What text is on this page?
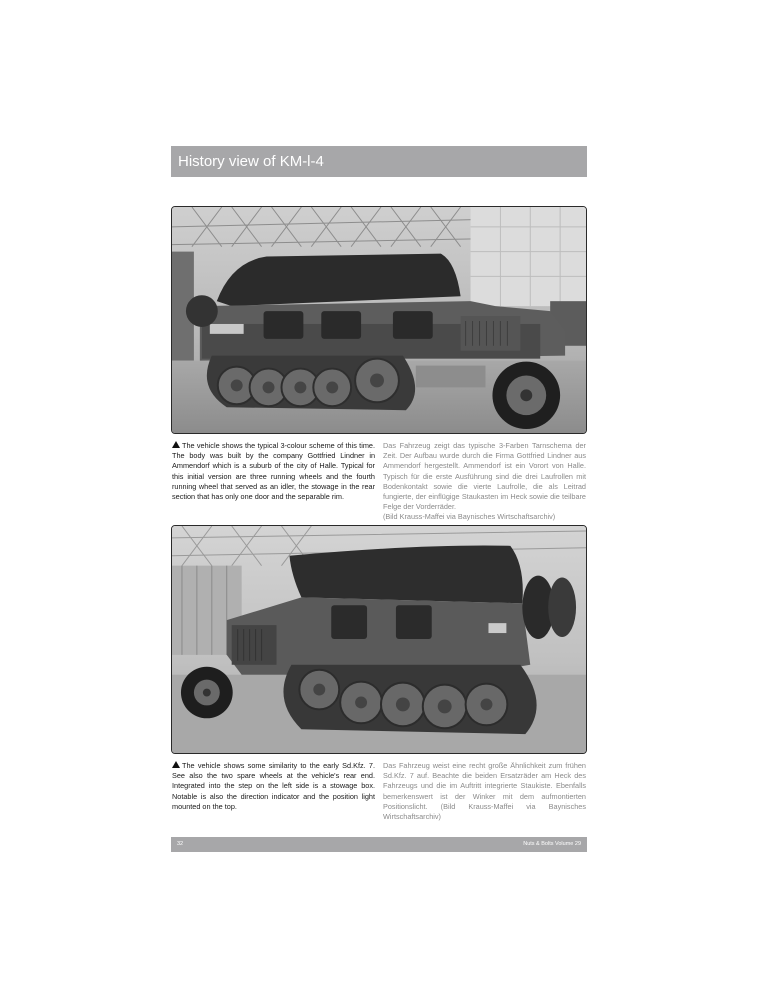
History view of KM-l-4

The vehicle shows the typical 3-colour scheme of this time. The body was built by the company Gottfried Lindner in Ammendorf which is a suburb of the city of Halle. Typical for this initial version are three running wheels and the fourth running wheel that served as an idler, the stowage in the rear section that has only one door and the separable rim.

Das Fahrzeug zeigt das typische 3-Farben Tarnschema der Zeit. Der Aufbau wurde durch die Firma Gottfried Lindner aus Ammendorf hergestellt. Ammendorf ist ein Vorort von Halle. Typisch für die erste Ausführung sind die drei Laufrollen mit Bodenkontakt sowie die vierte Laufrolle, die als Leitrad fungierte, der einflügige Staukasten im Heck sowie die teilbare Felge der Vorderräder.
(Bild Krauss-Maffei via Baynisches Wirtschaftsarchiv)

The vehicle shows some similarity to the early Sd.Kfz. 7. See also the two spare wheels at the vehicle's rear end. Integrated into the step on the left side is a stowage box. Notable is also the direction indicator and the position light mounted on the top.

Das Fahrzeug weist eine recht große Ähnlichkeit zum frühen Sd.Kfz. 7 auf. Beachte die beiden Ersatzräder am Heck des Fahrzeugs und die im Auftritt integrierte Staukiste. Ebenfalls bemerkenswert ist der Winker mit dem aufmontierten Positionslicht. (Bild Krauss-Maffei via Baynisches Wirtschaftsarchiv)

32	Nuts & Bolts Volume 29
